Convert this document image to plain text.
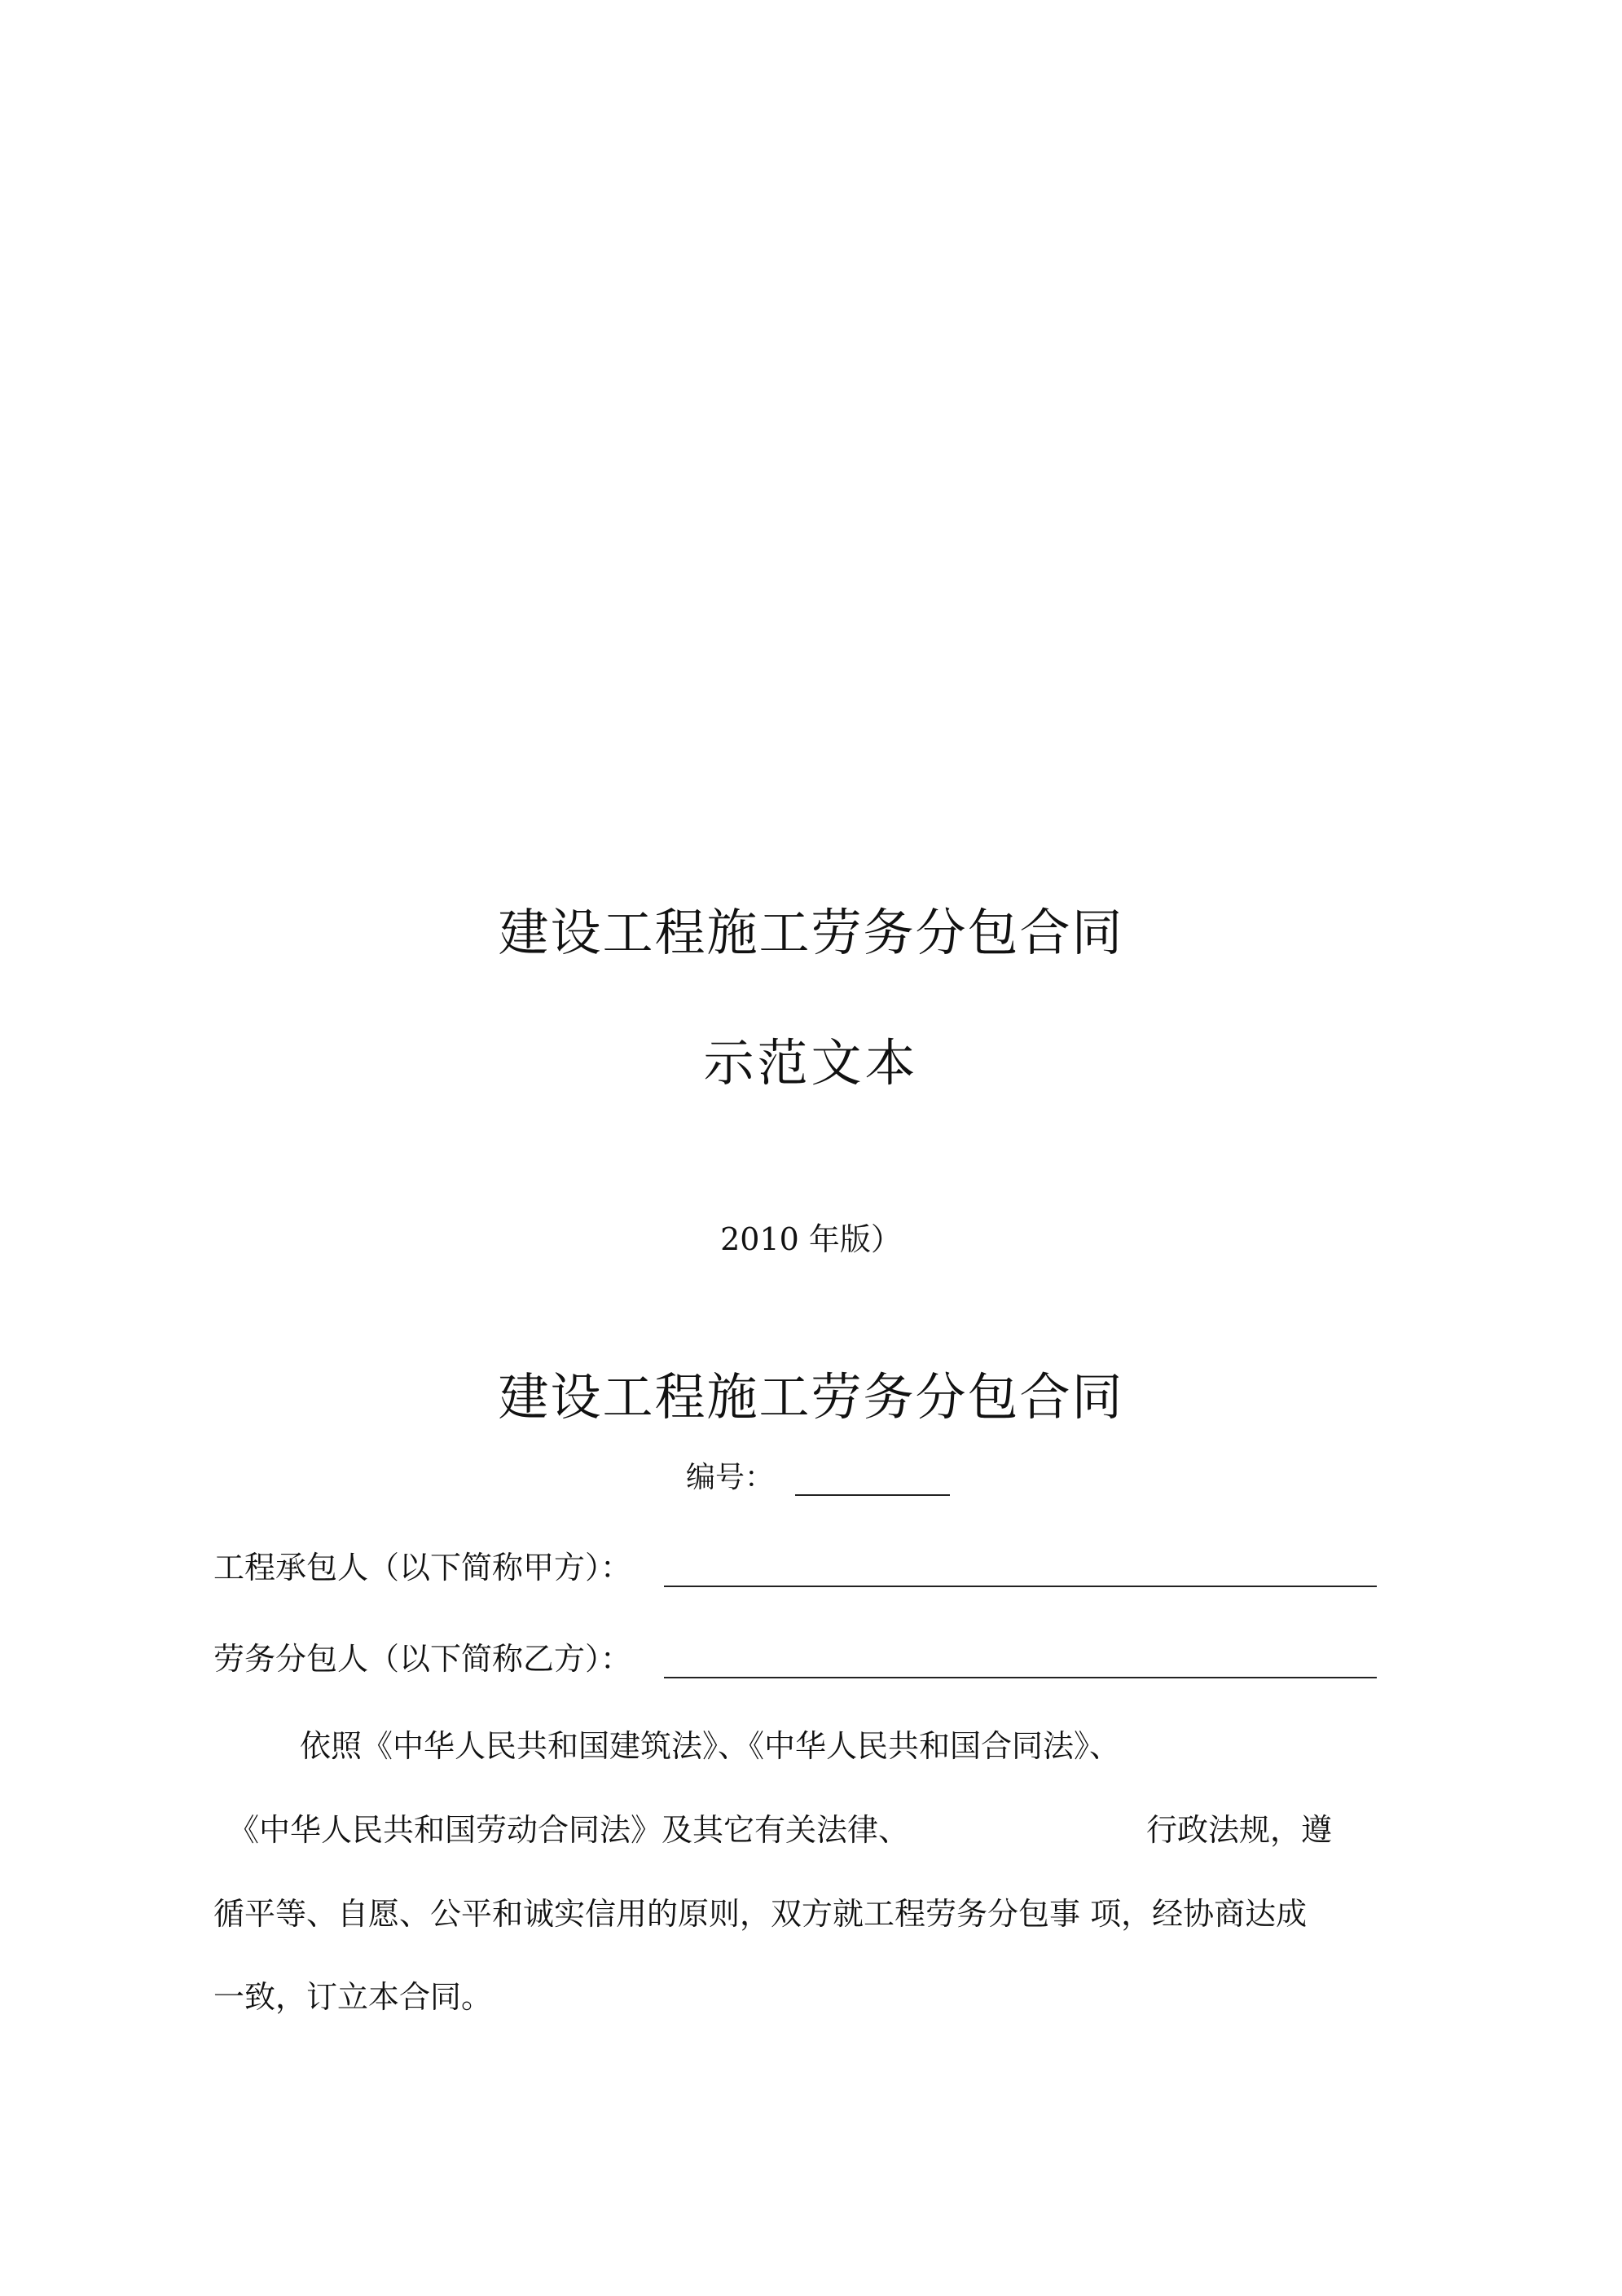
建设工程施工劳务分包合同
示范文本
2010 年版）
建设工程施工劳务分包合同
编号：
工程承包人（以下简称甲方）：
劳务分包人（以下简称乙方）：
依照《中华人民共和国建筑法》、《中华人民共和国合同法》、
《中华人民共和国劳动合同法》及其它有关法律、	行政法规，遵
循平等、自愿、公平和诚实信用的原则，双方就工程劳务分包事 项，经协商达成
一致，订立本合同。
